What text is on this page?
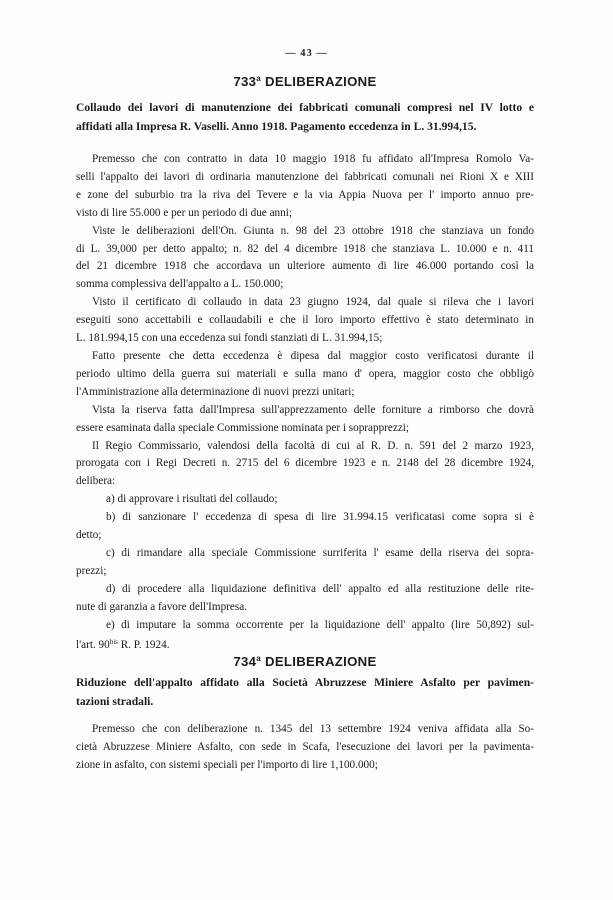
— 43 —
733$^a$ DELIBERAZIONE
Collaudo dei lavori di manutenzione dei fabbricati comunali compresi nel IV lotto e
affidati alla Impresa R. Vaselli. Anno 1918. Pagamento eccedenza in L. 31.994,15.
Premesso che con contratto in data 10 maggio 1918 fu affidato all'Impresa Romolo Va-
selli l'appalto dei lavori di ordinaria manutenzione dei fabbricati comunali nei Rioni X e XIII
e zone del suburbio tra la riva del Tevere e la via Appia Nuova per l' importo annuo pre-
visto di lire 55.000 e per un periodo di due anni;
Viste le deliberazioni dell'On. Giunta n. 98 del 23 ottobre 1918 che stanziava un fondo
di L. 39,000 per detto appalto; n. 82 del 4 dicembre 1918 che stanziava L. 10.000 e n. 411
del 21 dicembre 1918 che accordava un ulteriore aumento di lire 46.000 portando così la
somma complessiva dell'appalto a L. 150.000;
Visto il certificato di collaudo in data 23 giugno 1924, dal quale si rileva che i lavori
eseguiti sono accettabili e collaudabili e che il loro importo effettivo è stato determinato in
L. 181.994,15 con una eccedenza sui fondi stanziati di L. 31.994,15;
Fatto presente che detta eccedenza è dipesa dal maggior costo verificatosi durante il
periodo ultimo della guerra sui materiali e sulla mano d' opera, maggior costo che obbligò
l'Amministrazione alla determinazione di nuovi prezzi unitari;
Vista la riserva fatta dall'Impresa sull'apprezzamento delle forniture a rimborso che dovrà
essere esaminata dalla speciale Commissione nominata per i soprapprezzi;
Il Regio Commissario, valendosi della facoltà di cui al R. D. n. 591 del 2 marzo 1923,
prorogata con i Regi Decreti n. 2715 del 6 dicembre 1923 e n. 2148 del 28 dicembre 1924,
delibera:
a) di approvare i risultati del collaudo;
b) di sanzionare l' eccedenza di spesa di lire 31.994.15 verificatasi come sopra si è
detto;
c) di rimandare alla speciale Commissione surriferita l' esame della riserva dei sopra-
prezzi;
d) di procedere alla liquidazione definitiva dell' appalto ed alla restituzione delle rite-
nute di garanzia a favore dell'Impresa.
e) di imputare la somma occorrente per la liquidazione dell' appalto (lire 50,892) sul-
l'art. $90^{bis}$ R. P. 1924.
734$^a$ DELIBERAZIONE
Riduzione dell'appalto affidato alla Società Abruzzese Miniere Asfalto per pavimen-
tazioni stradali.
Premesso che con deliberazione n. 1345 del 13 settembre 1924 veniva affidata alla So-
cietà Abruzzese Miniere Asfalto, con sede in Scafa, l'esecuzione dei lavori per la pavimenta-
zione in asfalto, con sistemi speciali per l'importo di lire 1,100.000;
